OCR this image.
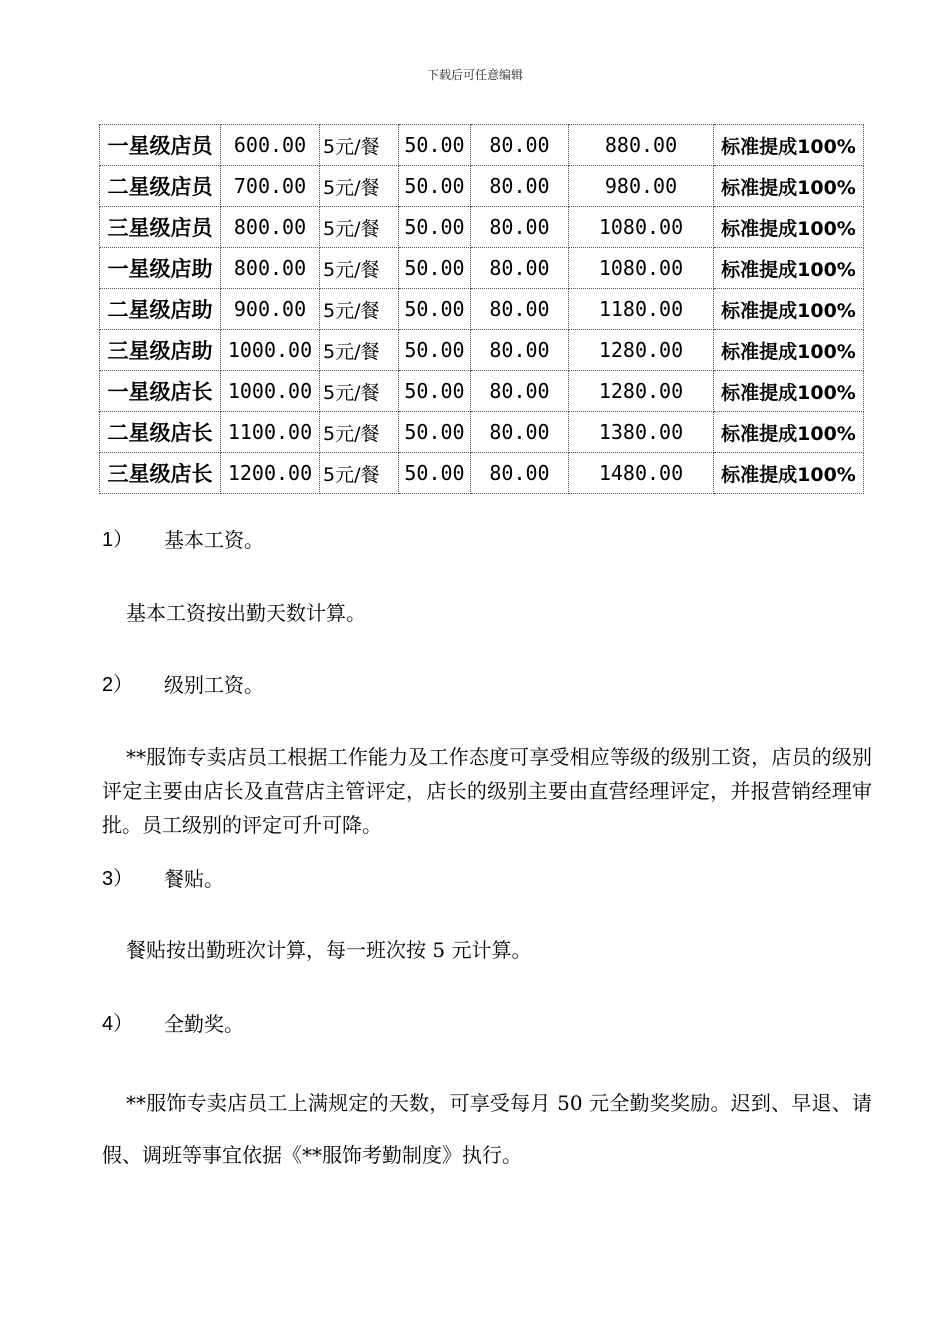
下载后可任意编辑
一星级店员	600.00	5元/餐	50.00	80.00	880.00	标准提成100%
二星级店员	700.00	5元/餐	50.00	80.00	980.00	标准提成100%
三星级店员	800.00	5元/餐	50.00	80.00	1080.00	标准提成100%
一星级店助	800.00	5元/餐	50.00	80.00	1080.00	标准提成100%
二星级店助	900.00	5元/餐	50.00	80.00	1180.00	标准提成100%
三星级店助	1000.00	5元/餐	50.00	80.00	1280.00	标准提成100%
一星级店长	1000.00	5元/餐	50.00	80.00	1280.00	标准提成100%
二星级店长	1100.00	5元/餐	50.00	80.00	1380.00	标准提成100%
三星级店长	1200.00	5元/餐	50.00	80.00	1480.00	标准提成100%
1） 基本工资。
基本工资按出勤天数计算。
2） 级别工资。
**服饰专卖店员工根据工作能力及工作态度可享受相应等级的级别工资，店员的级别评定主要由店长及直营店主管评定，店长的级别主要由直营经理评定，并报营销经理审批。员工级别的评定可升可降。
3） 餐贴。
餐贴按出勤班次计算，每一班次按 5 元计算。
4） 全勤奖。
**服饰专卖店员工上满规定的天数，可享受每月 50 元全勤奖奖励。迟到、早退、请假、调班等事宜依据《**服饰考勤制度》执行。
